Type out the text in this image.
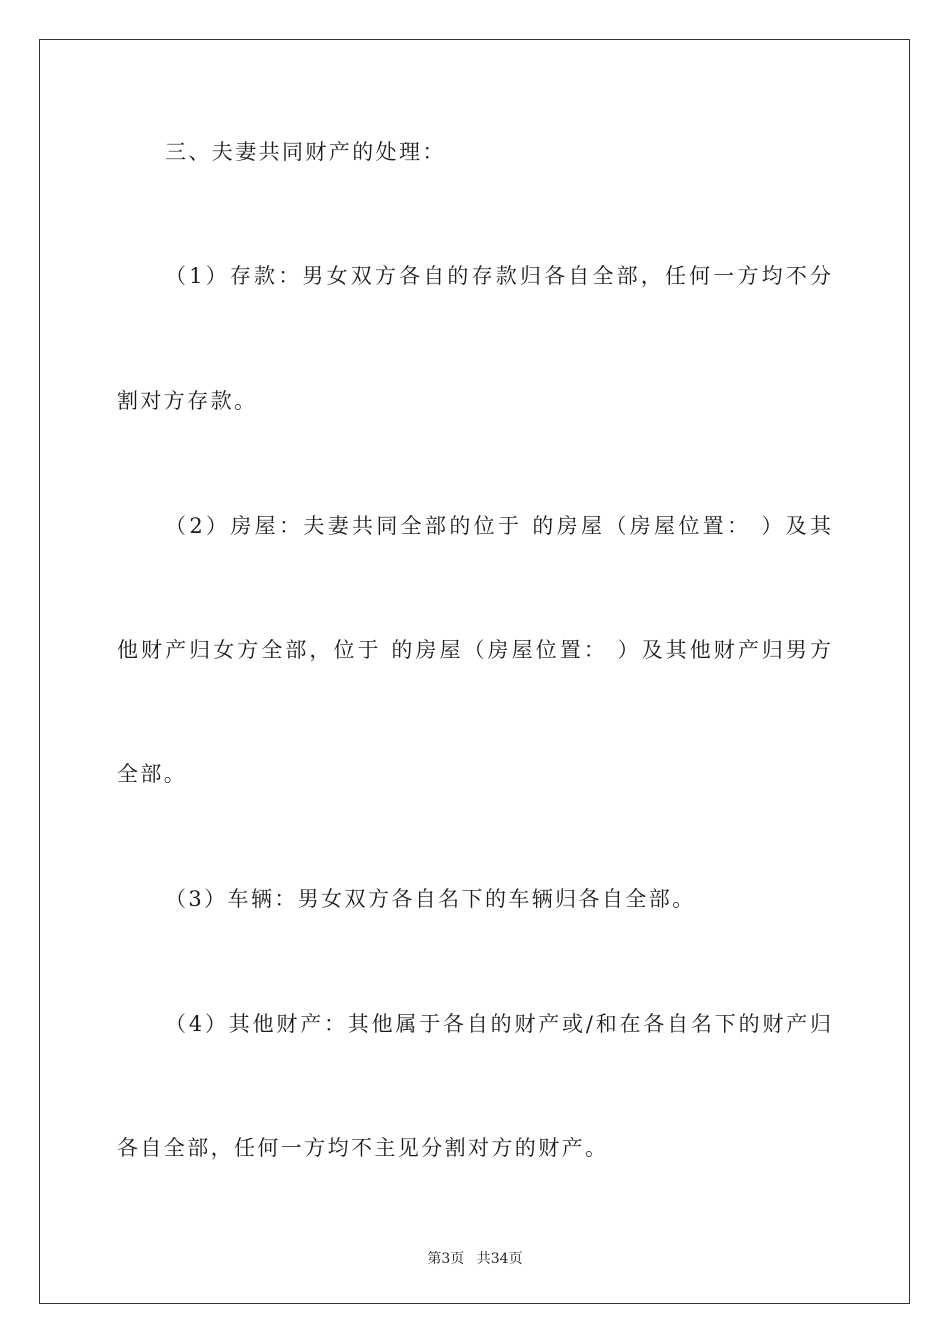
三、夫妻共同财产的处理：
（1）存款：男女双方各自的存款归各自全部，任何一方均不分
割对方存款。
（2）房屋：夫妻共同全部的位于 的房屋（房屋位置： ）及其
他财产归女方全部，位于 的房屋（房屋位置： ）及其他财产归男方
全部。
（3）车辆：男女双方各自名下的车辆归各自全部。
（4）其他财产：其他属于各自的财产或/和在各自名下的财产归
各自全部，任何一方均不主见分割对方的财产。
第3页 共34页
